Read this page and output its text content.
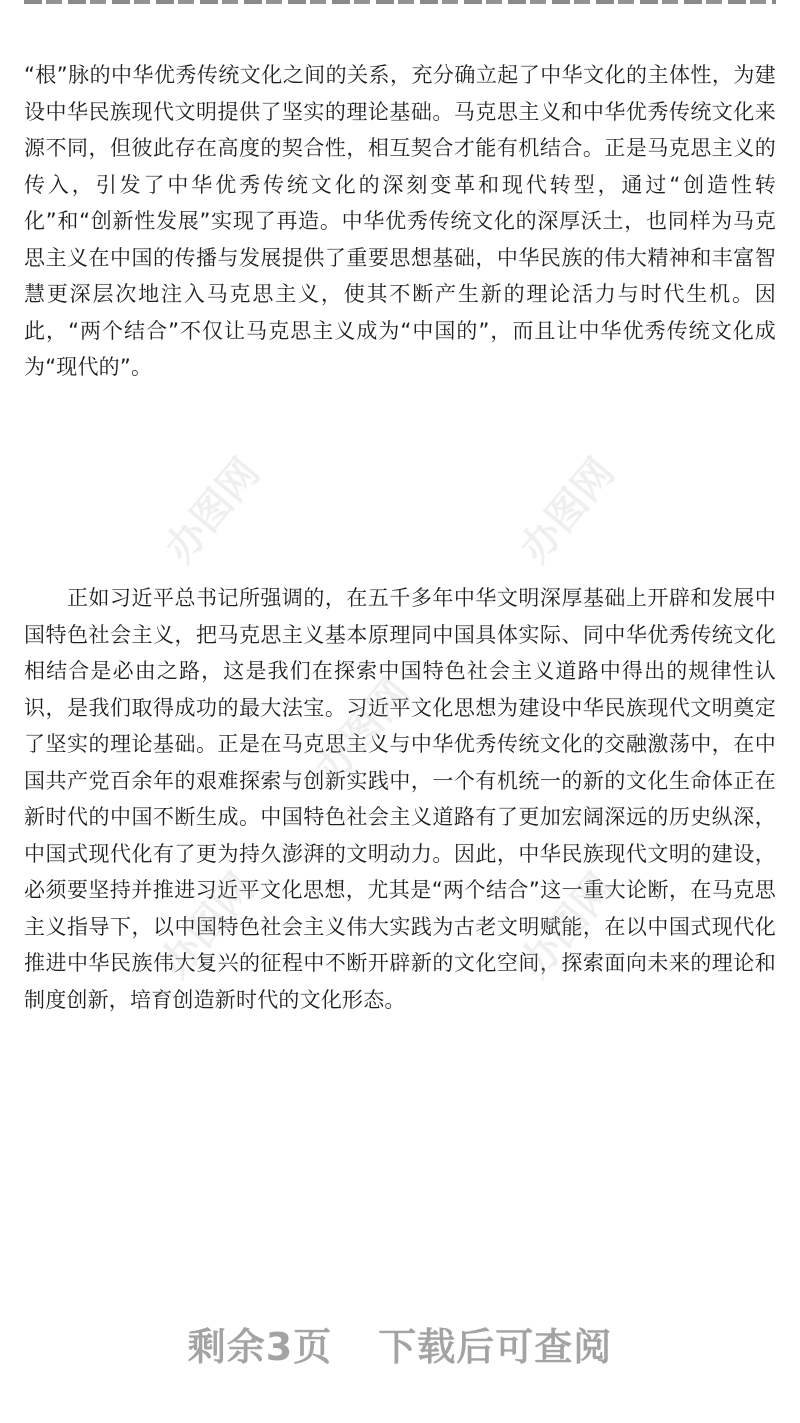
“根”脉的中华优秀传统文化之间的关系，充分确立起了中华文化的主体性，为建设中华民族现代文明提供了坚实的理论基础。马克思主义和中华优秀传统文化来源不同，但彼此存在高度的契合性，相互契合才能有机结合。正是马克思主义的传入，引发了中华优秀传统文化的深刻变革和现代转型，通过“创造性转化”和“创新性发展”实现了再造。中华优秀传统文化的深厚沃土，也同样为马克思主义在中国的传播与发展提供了重要思想基础，中华民族的伟大精神和丰富智慧更深层次地注入马克思主义，使其不断产生新的理论活力与时代生机。因此，“两个结合”不仅让马克思主义成为“中国的”，而且让中华优秀传统文化成为“现代的”。

　　正如习近平总书记所强调的，在五千多年中华文明深厚基础上开辟和发展中国特色社会主义，把马克思主义基本原理同中国具体实际、同中华优秀传统文化相结合是必由之路，这是我们在探索中国特色社会主义道路中得出的规律性认识，是我们取得成功的最大法宝。习近平文化思想为建设中华民族现代文明奠定了坚实的理论基础。正是在马克思主义与中华优秀传统文化的交融激荡中，在中国共产党百余年的艰难探索与创新实践中，一个有机统一的新的文化生命体正在新时代的中国不断生成。中国特色社会主义道路有了更加宏阔深远的历史纵深，中国式现代化有了更为持久澎湃的文明动力。因此，中华民族现代文明的建设，必须要坚持并推进习近平文化思想，尤其是“两个结合”这一重大论断，在马克思主义指导下，以中国特色社会主义伟大实践为古老文明赋能，在以中国式现代化推进中华民族伟大复兴的征程中不断开辟新的文化空间，探索面向未来的理论和制度创新，培育创造新时代的文化形态。

办图网	办图网
办图网
办图网	办图网
剩余3页 下载后可查阅
